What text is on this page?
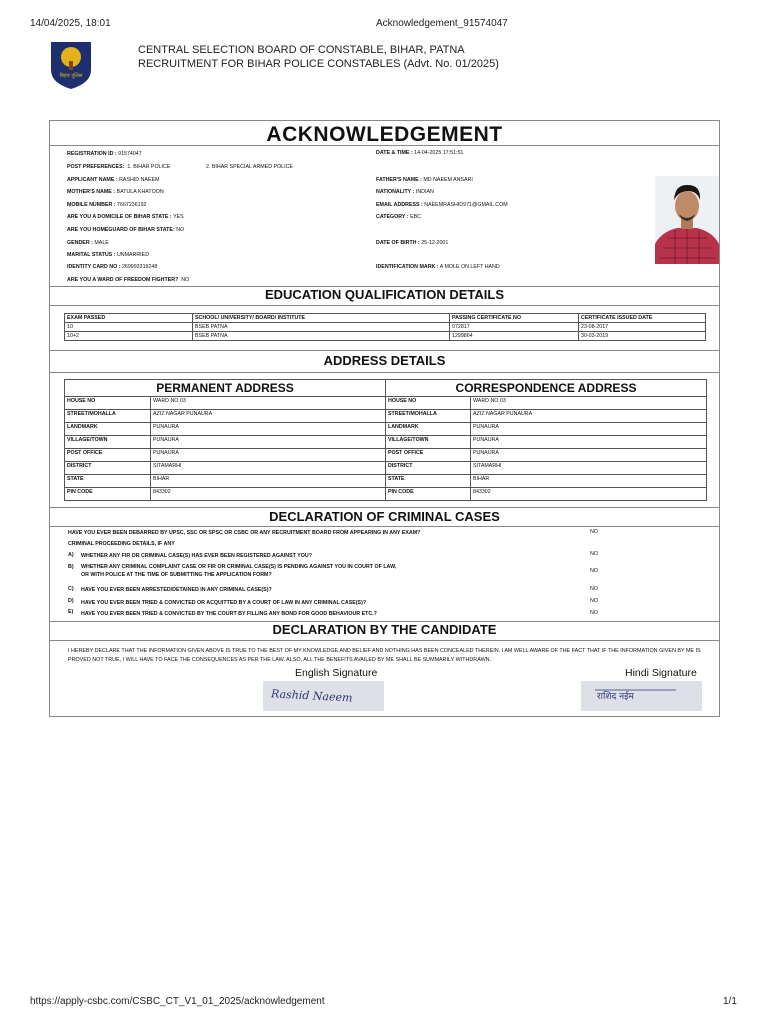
14/04/2025, 18:01	Acknowledgement_91574047
बिहार पुलिस
CENTRAL SELECTION BOARD OF CONSTABLE, BIHAR, PATNA
RECRUITMENT FOR BIHAR POLICE CONSTABLES (Advt. No. 01/2025)
ACKNOWLEDGEMENT
REGISTRATION ID : 91574047	DATE & TIME : 14-04-2025 17:51:51
POST PREFERENCES: 1. BIHAR POLICE	2. BIHAR SPECIAL ARMED POLICE
APPLICANT NAME : RASHID NAEEM	FATHER'S NAME : MD NAEEM ANSARI
MOTHER'S NAME : BATULA KHATOON	NATIONALITY : INDIAN
MOBILE NUMBER : 7667236192	EMAIL ADDRESS : NAEEMRASHID971@GMAIL.COM
ARE YOU A DOMICILE OF BIHAR STATE : YES	CATEGORY : EBC
ARE YOU HOMEGUARD OF BIHAR STATE: NO
GENDER : MALE	DATE OF BIRTH : 25-12-2001
MARITAL STATUS : UNMARRIED
IDENTITY CARD NO : 269993319248	IDENTIFICATION MARK : A MOLE ON LEFT HAND
ARE YOU A WARD OF FREEDOM FIGHTER? NO
EDUCATION QUALIFICATION DETAILS
EXAM PASSED	SCHOOL/ UNIVERSITY/ BOARD/ INSTITUTE	PASSING CERTIFICATE NO	CERTIFICATE ISSUED DATE
10	BSEB PATNA	072817	23-08-2017
10+2	BSEB PATNA	1299864	30-03-2019
ADDRESS DETAILS
PERMANENT ADDRESS		CORRESPONDENCE ADDRESS	
HOUSE NO	WARD NO 03	HOUSE NO	WARD NO 03
STREET/MOHALLA	AZIZ NAGAR PUNAURA	STREET/MOHALLA	AZIZ NAGAR PUNAURA
LANDMARK	PUNAURA	LANDMARK	PUNAURA
VILLAGE/TOWN	PUNAURA	VILLAGE/TOWN	PUNAURA
POST OFFICE	PUNAURA	POST OFFICE	PUNAURA
DISTRICT	SITAMARHI	DISTRICT	SITAMARHI
STATE	BIHAR	STATE	BIHAR
PIN CODE	843302	PIN CODE	843302
DECLARATION OF CRIMINAL CASES
HAVE YOU EVER BEEN DEBARRED BY UPSC, SSC OR SPSC OR CSBC OR ANY RECRUITMENT BOARD FROM APPEARING IN ANY EXAM?	NO
CRIMINAL PROCEEDING DETAILS, IF ANY
A) WHETHER ANY FIR OR CRIMINAL CASE(S) HAS EVER BEEN REGISTERED AGAINST YOU?	NO
B) WHETHER ANY CRIMINAL COMPLAINT CASE OR FIR OR CRIMINAL CASE(S) IS PENDING AGAINST YOU IN COURT OF LAW,
OR WITH POLICE AT THE TIME OF SUBMITTING THE APPLICATION FORM?
NO
C) HAVE YOU EVER BEEN ARRESTED/DETAINED IN ANY CRIMINAL CASE(S)?	NO
D) HAVE YOU EVER BEEN TRIED & CONVICTED OR ACQUITTED BY A COURT OF LAW IN ANY CRIMINAL CASE(S)?	NO
E) HAVE YOU EVER BEEN TRIED & CONVICTED BY THE COURT BY FILLING ANY BOND FOR GOOD BEHAVIOUR ETC.?	NO
DECLARATION BY THE CANDIDATE
I HEREBY DECLARE THAT THE INFORMATION GIVEN ABOVE IS TRUE TO THE BEST OF MY KNOWLEDGE AND BELIEF AND NOTHING HAS BEEN CONCEALED THEREIN. I AM WELL AWARE OF THE FACT THAT IF THE INFORMATION GIVEN BY ME IS PROVED NOT TRUE, I WILL HAVE TO FACE THE CONSEQUENCES AS PER THE LAW. ALSO, ALL THE BENEFITS AVAILED BY ME SHALL BE SUMMARILY WITHDRAWN.
English Signature	Hindi Signature
Rashid Naeem	राशिद नईम
https://apply-csbc.com/CSBC_CT_V1_01_2025/acknowledgement	1/1
